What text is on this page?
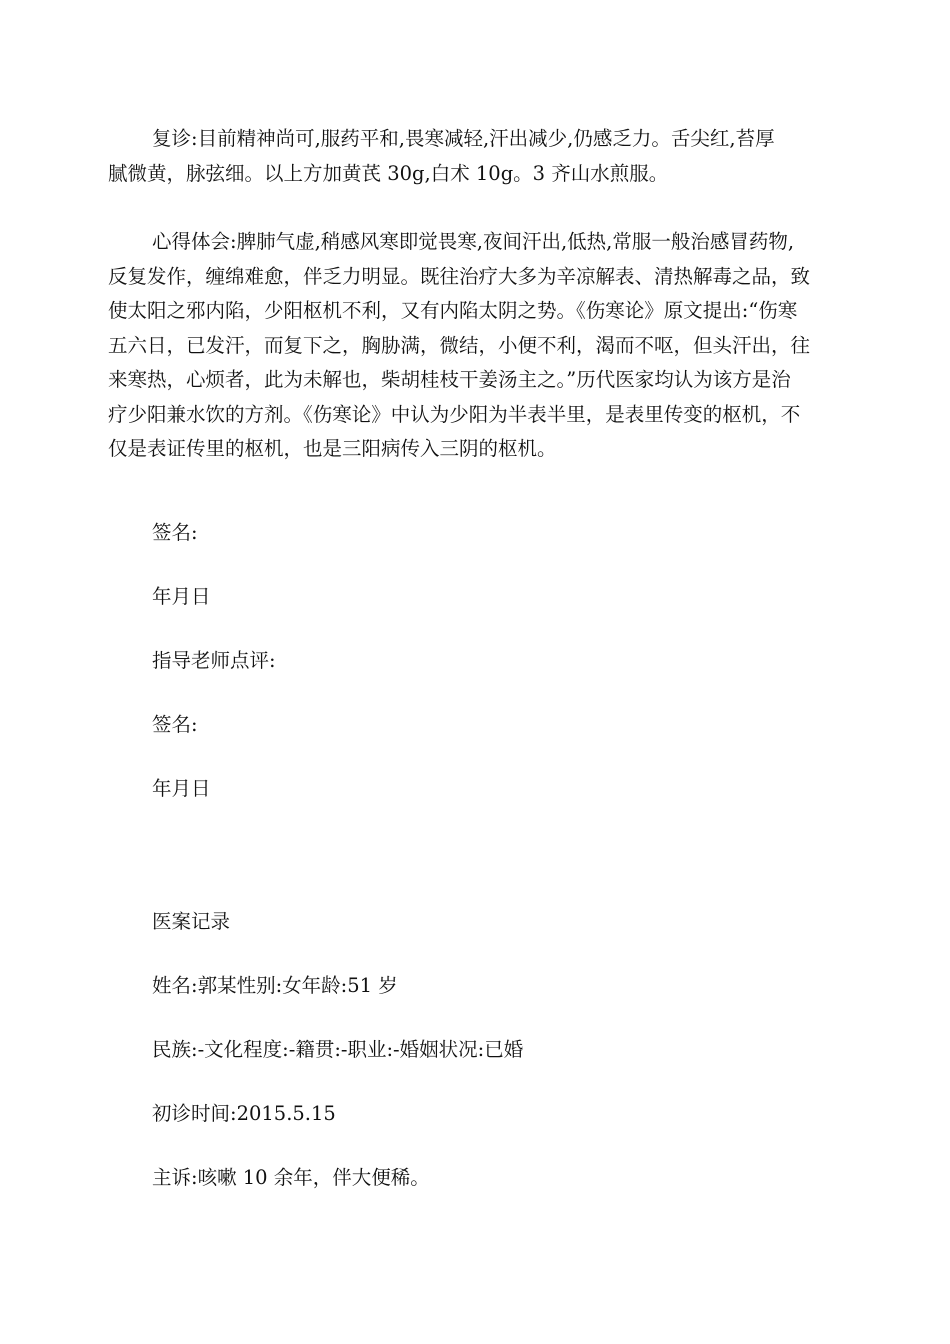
复诊:目前精神尚可,服药平和,畏寒减轻,汗出减少,仍感乏力。舌尖红,苔厚
腻微黄，脉弦细。以上方加黄芪 30g,白术 10g。3 齐山水煎服。
心得体会:脾肺气虚,稍感风寒即觉畏寒,夜间汗出,低热,常服一般治感冒药物,
反复发作，缠绵难愈，伴乏力明显。既往治疗大多为辛凉解表、清热解毒之品，致
使太阳之邪内陷，少阳枢机不利，又有内陷太阴之势。《伤寒论》原文提出:“伤寒
五六日，已发汗，而复下之，胸胁满，微结，小便不利，渴而不呕，但头汗出，往
来寒热，心烦者，此为未解也，柴胡桂枝干姜汤主之。”历代医家均认为该方是治
疗少阳兼水饮的方剂。《伤寒论》中认为少阳为半表半里，是表里传变的枢机，不
仅是表证传里的枢机，也是三阳病传入三阴的枢机。

签名:

年月日

指导老师点评:

签名:

年月日

医案记录

姓名:郭某性别:女年龄:51 岁

民族:-文化程度:-籍贯:-职业:-婚姻状况:已婚

初诊时间:2015.5.15

主诉:咳嗽 10 余年，伴大便稀。
